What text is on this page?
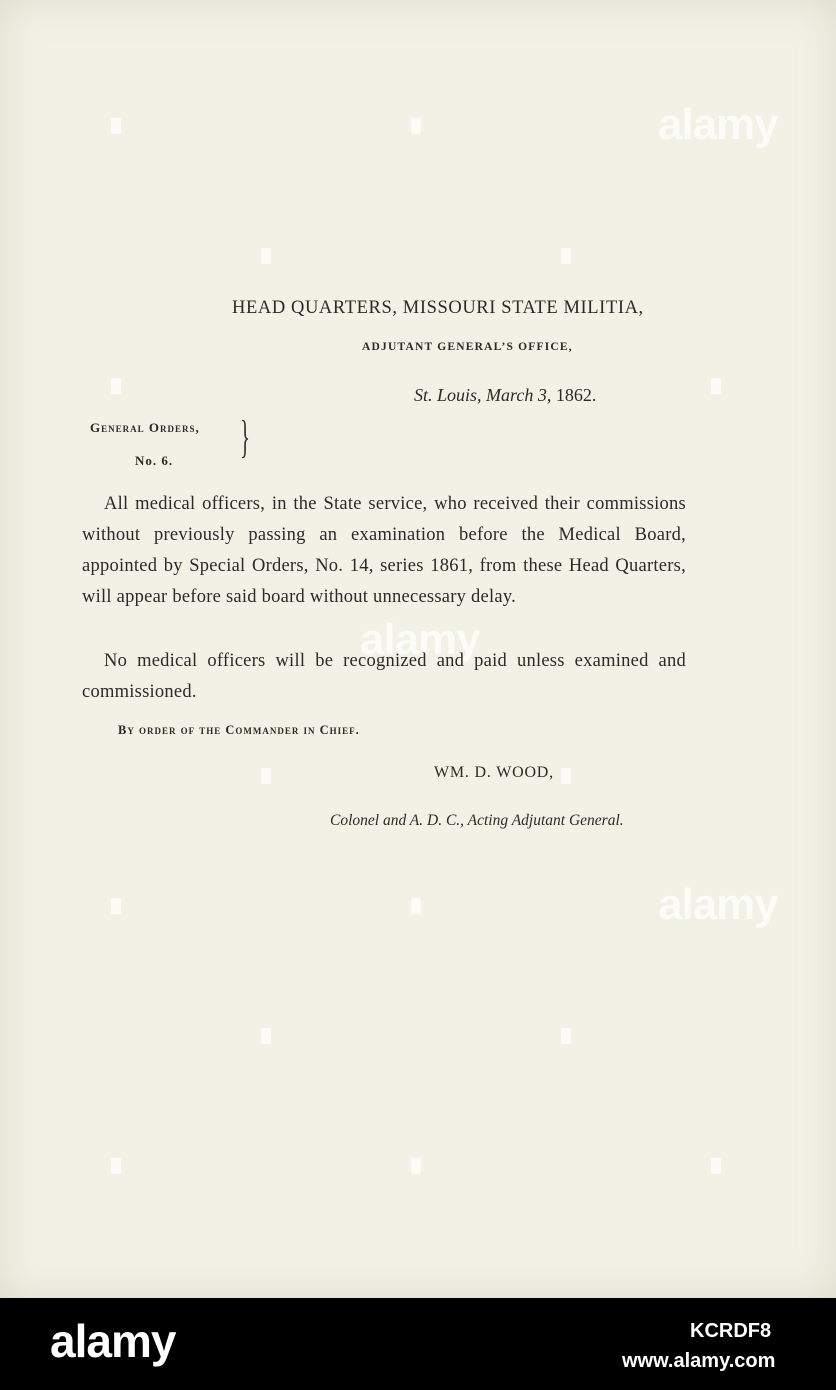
alamy
alamy
alamy
HEAD QUARTERS, MISSOURI STATE MILITIA,
ADJUTANT GENERAL’S OFFICE,
St. Louis, March 3, 1862.
General Orders,
No. 6. }

All medical officers, in the State service, who received their commissions without previously passing an examination before the Medical Board, appointed by Special Orders, No. 14, series 1861, from these Head Quarters, will appear before said board without unnecessary delay.

No medical officers will be recognized and paid unless examined and commissioned.

By order of the Commander in Chief.
WM. D. WOOD,
Colonel and A. D. C., Acting Adjutant General.
alamy	KCRDF8
www.alamy.com
